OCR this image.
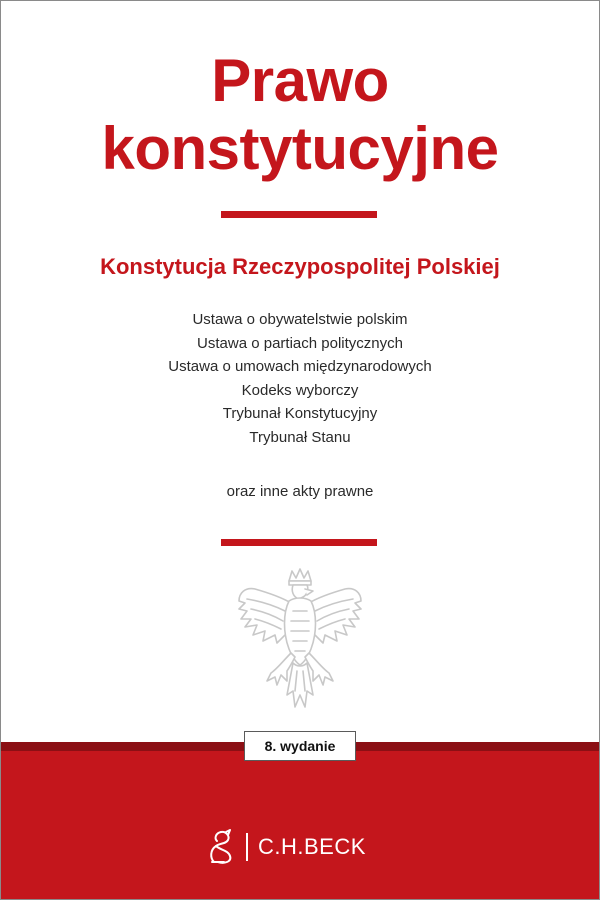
Prawo
konstytucyjne
Konstytucja Rzeczypospolitej Polskiej
Ustawa o obywatelstwie polskim
Ustawa o partiach politycznych
Ustawa o umowach międzynarodowych
Kodeks wyborczy
Trybunał Konstytucyjny
Trybunał Stanu
oraz inne akty prawne
8. wydanie
C.H.BECK
